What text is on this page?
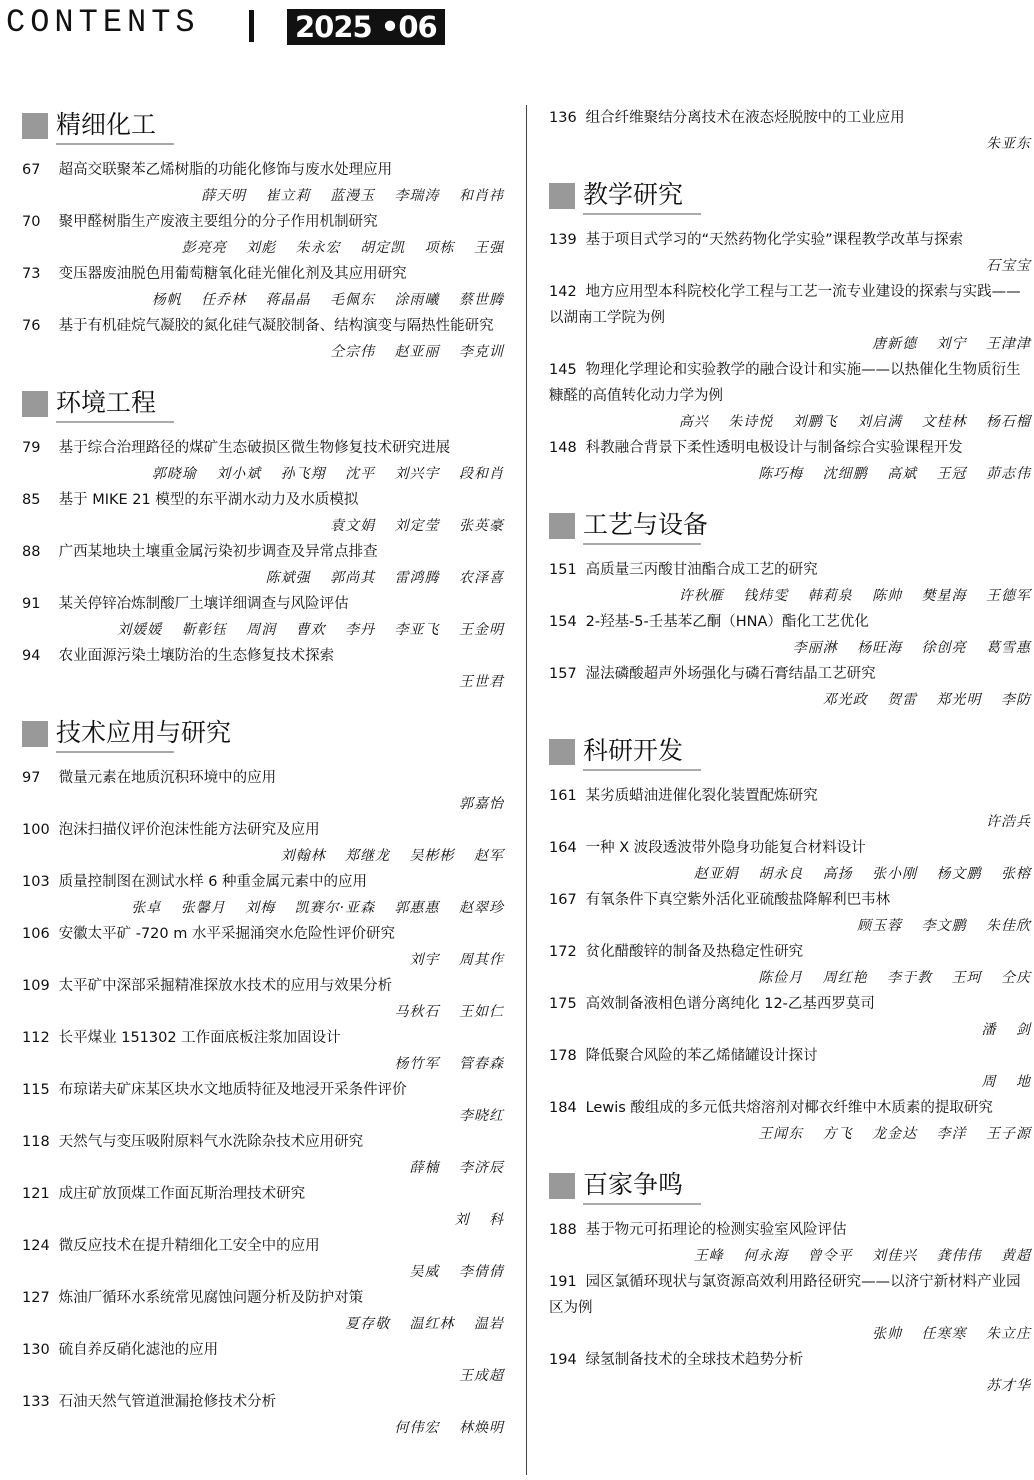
CONTENTS	2025 •06
精细化工
67 超高交联聚苯乙烯树脂的功能化修饰与废水处理应用
薛天明 崔立莉 蓝漫玉 李瑞涛 和肖祎
70 聚甲醛树脂生产废液主要组分的分子作用机制研究
彭亮亮 刘彪 朱永宏 胡定凯 项栋 王强
73 变压器废油脱色用葡萄糖氧化硅光催化剂及其应用研究
杨帆 任乔林 蒋晶晶 毛佩东 涂雨曦 蔡世腾
76 基于有机硅烷气凝胶的氮化硅气凝胶制备、结构演变与隔热性能研究
仝宗伟 赵亚丽 李克训
环境工程
79 基于综合治理路径的煤矿生态破损区微生物修复技术研究进展
郭晓瑜 刘小斌 孙飞翔 沈平 刘兴宇 段和肖
85 基于 MIKE 21 模型的东平湖水动力及水质模拟
袁文娟 刘定莹 张英豪
88 广西某地块土壤重金属污染初步调查及异常点排查
陈斌强 郭尚其 雷鸿腾 农泽喜
91 某关停锌冶炼制酸厂土壤详细调查与风险评估
刘媛媛 靳彰钰 周润 曹欢 李丹 李亚飞 王金明
94 农业面源污染土壤防治的生态修复技术探索
王世君
技术应用与研究
97 微量元素在地质沉积环境中的应用
郭嘉怡
100 泡沫扫描仪评价泡沫性能方法研究及应用
刘翰林 郑继龙 吴彬彬 赵军
103 质量控制图在测试水样 6 种重金属元素中的应用
张卓 张馨月 刘梅 凯赛尔·亚森 郭惠惠 赵翠珍
106 安徽太平矿 -720 m 水平采掘涌突水危险性评价研究
刘宇 周其作
109 太平矿中深部采掘精准探放水技术的应用与效果分析
马秋石 王如仁
112 长平煤业 151302 工作面底板注浆加固设计
杨竹军 管春森
115 布琼诺夫矿床某区块水文地质特征及地浸开采条件评价
李晓红
118 天然气与变压吸附原料气水洗除杂技术应用研究
薛楠 李济辰
121 成庄矿放顶煤工作面瓦斯治理技术研究
刘 科
124 微反应技术在提升精细化工安全中的应用
吴威 李倩倩
127 炼油厂循环水系统常见腐蚀问题分析及防护对策
夏存敬 温红林 温岩
130 硫自养反硝化滤池的应用
王成超
133 石油天然气管道泄漏抢修技术分析
何伟宏 林焕明
136 组合纤维聚结分离技术在液态烃脱胺中的工业应用
朱亚东
教学研究
139 基于项目式学习的“天然药物化学实验”课程教学改革与探索
石宝宝
142 地方应用型本科院校化学工程与工艺一流专业建设的探索与实践——以湖南工学院为例
唐新德 刘宁 王津津
145 物理化学理论和实验教学的融合设计和实施——以热催化生物质衍生糠醛的高值转化动力学为例
高兴 朱诗悦 刘鹏飞 刘启满 文桂林 杨石榴
148 科教融合背景下柔性透明电极设计与制备综合实验课程开发
陈巧梅 沈细鹏 高斌 王冠 茆志伟
工艺与设备
151 高质量三丙酸甘油酯合成工艺的研究
许秋雁 钱炜雯 韩莉泉 陈帅 樊星海 王德军
154 2-羟基-5-壬基苯乙酮（HNA）酯化工艺优化
李丽淋 杨旺海 徐创亮 葛雪惠
157 湿法磷酸超声外场强化与磷石膏结晶工艺研究
邓光政 贺雷 郑光明 李防
科研开发
161 某劣质蜡油进催化裂化装置配炼研究
许浩兵
164 一种 X 波段透波带外隐身功能复合材料设计
赵亚娟 胡永良 高扬 张小刚 杨文鹏 张榕
167 有氧条件下真空紫外活化亚硫酸盐降解利巴韦林
顾玉蓉 李文鹏 朱佳欣
172 贫化醋酸锌的制备及热稳定性研究
陈俭月 周红艳 李于教 王珂 仝庆
175 高效制备液相色谱分离纯化 12-乙基西罗莫司
潘 剑
178 降低聚合风险的苯乙烯储罐设计探讨
周 地
184 Lewis 酸组成的多元低共熔溶剂对椰衣纤维中木质素的提取研究
王闻东 方飞 龙金达 李洋 王子源
百家争鸣
188 基于物元可拓理论的检测实验室风险评估
王峰 何永海 曾令平 刘佳兴 龚伟伟 黄超
191 园区氯循环现状与氯资源高效利用路径研究——以济宁新材料产业园区为例
张帅 任寒寒 朱立庄
194 绿氢制备技术的全球技术趋势分析
苏才华
